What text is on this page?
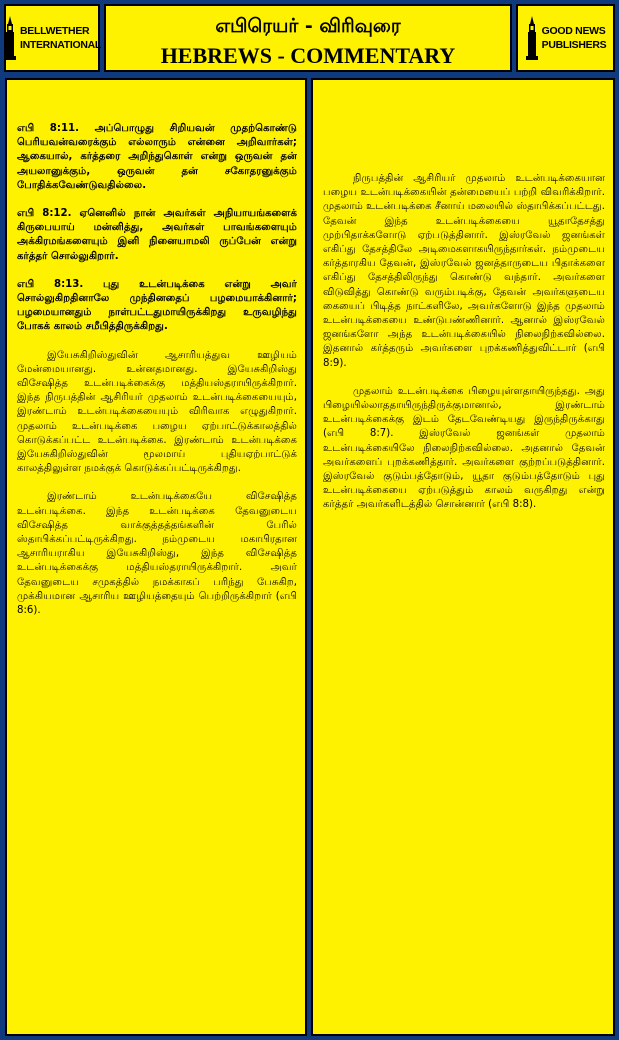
BELLWETHER
INTERNATIONAL
எபிரெயர் - விரிவுரை
HEBREWS - COMMENTARY
GOOD NEWS
PUBLISHERS

எபி 8:11. அப்பொழுது சிறியவன் முதற்கொண்டு பெரியவன்வரைக்கும் எல்லாரும் என்னை அறிவார்கள்; ஆகையால், கர்த்தரை அறிந்துகொள் என்று ஒருவன் தன் அயலானுக்கும், ஒருவன் தன் சகோதரனுக்கும் போதிக்கவேண்டுவதில்லை.

எபி 8:12. ஏனெனில் நான் அவர்கள் அநியாயங்களைக் கிருபையாய் மன்னித்து, அவர்கள் பாவங்களையும் அக்கிரமங்களையும் இனி நினையாமலி ருப்பேன் என்று கர்த்தர் சொல்லுகிறார்.

எபி 8:13. புது உடன்படிக்கை என்று அவர் சொல்லுகிறதினாலே முந்தினதைப் பழமையாக்கினார்; பழமையானதும் நாள்பட்டதுமாயிருக்கிறது உருவழிந்து போகக் காலம் சமீபித்திருக்கிறது.

இயேசுகிறிஸ்துவின் ஆசாரியத்துவ ஊழியம் மேன்மையானது. உன்னதமானது. இயேசுகிறிஸ்து விசேஷித்த உடன்படிக்கைக்கு மத்தியஸ்தராயிருக்கிறார். இந்த நிருபத்தின் ஆசிரியர் முதலாம் உடன்படிக்கையையும், இரண்டாம் உடன்படிக்கையையும் விரிவாக எழுதுகிறார். முதலாம் உடன்படிக்கை பழைய ஏற்பாட்டுக்காலத்தில் கொடுக்கப்பட்ட உடன்படிக்கை. இரண்டாம் உடன்படிக்கை இயேசுகிறிஸ்துவின் மூலமாய் புதியஏற்பாட்டுக் காலத்திலுள்ள நமக்குக் கொடுக்கப்பட்டிருக்கிறது.

இரண்டாம் உடன்படிக்கையே விசேஷித்த உடன்படிக்கை. இந்த உடன்படிக்கை தேவனுடைய விசேஷித்த வாக்குத்தத்தங்களின் பேரில் ஸ்தாபிக்கப்பட்டிருக்கிறது. நம்முடைய மகாபிரதான ஆசாரியராகிய இயேசுகிறிஸ்து, இந்த விசேஷித்த உடன்படிக்கைக்கு மத்தியஸ்தராயிருக்கிறார். அவர் தேவனுடைய சமுகத்தில் நமக்காகப் பரிந்து பேசுகிற, முக்கியமான ஆசாரிய ஊழியத்தையும் பெற்றிருக்கிறார் (எபி 8:6).

நிருபத்தின் ஆசிரியர் முதலாம் உடன்படிக்கையான பழைய உடன்படிக்கையின் தன்மையைப் பற்றி விவரிக்கிறார். முதலாம் உடன்படிக்கை சீனாய் மலையில் ஸ்தாபிக்கப்பட்டது. தேவன் இந்த உடன்படிக்கையை யூதாதேசத்து முற்பிதாக்களோடு ஏற்படுத்தினார். இஸ்ரவேல் ஜனங்கள் எகிப்து தேசத்திலே அடிமைகளாகயிருந்தார்கள். நம்முடைய கர்த்தாரகிய தேவன், இஸ்ரவேல் ஜனத்தாருடைய பிதாக்களை எகிப்து தேசத்திலிருந்து கொண்டு வந்தார். அவர்களை விடுவித்து கொண்டு வரும்படிக்கு, தேவன் அவர்களுடைய கையைப் பிடித்த நாட்களிலே, அவர்களோடு இந்த முதலாம் உடன்படிக்கையை உண்டுபண்ணினார். ஆனால் இஸ்ரவேல் ஜனங்களோ அந்த உடன்படிக்கையில் நிலைநிற்கவில்லை. இதனால் கர்த்தரும் அவர்களை புறக்கணித்துவிட்டார் (எபி 8:9).

முதலாம் உடன்படிக்கை பிழையுள்ளதாயிருந்தது. அது பிழையில்லாததாயிருந்திருக்குமானால், இரண்டாம் உடன்படிக்கைக்கு இடம் தேடவேண்டியது இருந்திருக்காது (எபி 8:7). இஸ்ரவேல் ஜனங்கள் முதலாம் உடன்படிக்கையிலே நிலைநிற்கவில்லை. அதனால் தேவன் அவர்களைப் புறக்கணித்தார். அவர்களை குற்றப்படுத்தினார். இஸ்ரவேல் குடும்பத்தோடும், யூதா குடும்பத்தோடும் புது உடன்படிக்கையை ஏற்படுத்தும் காலம் வருகிறது என்று கர்த்தர் அவர்களிடத்தில் சொன்னார் (எபி 8:8).
